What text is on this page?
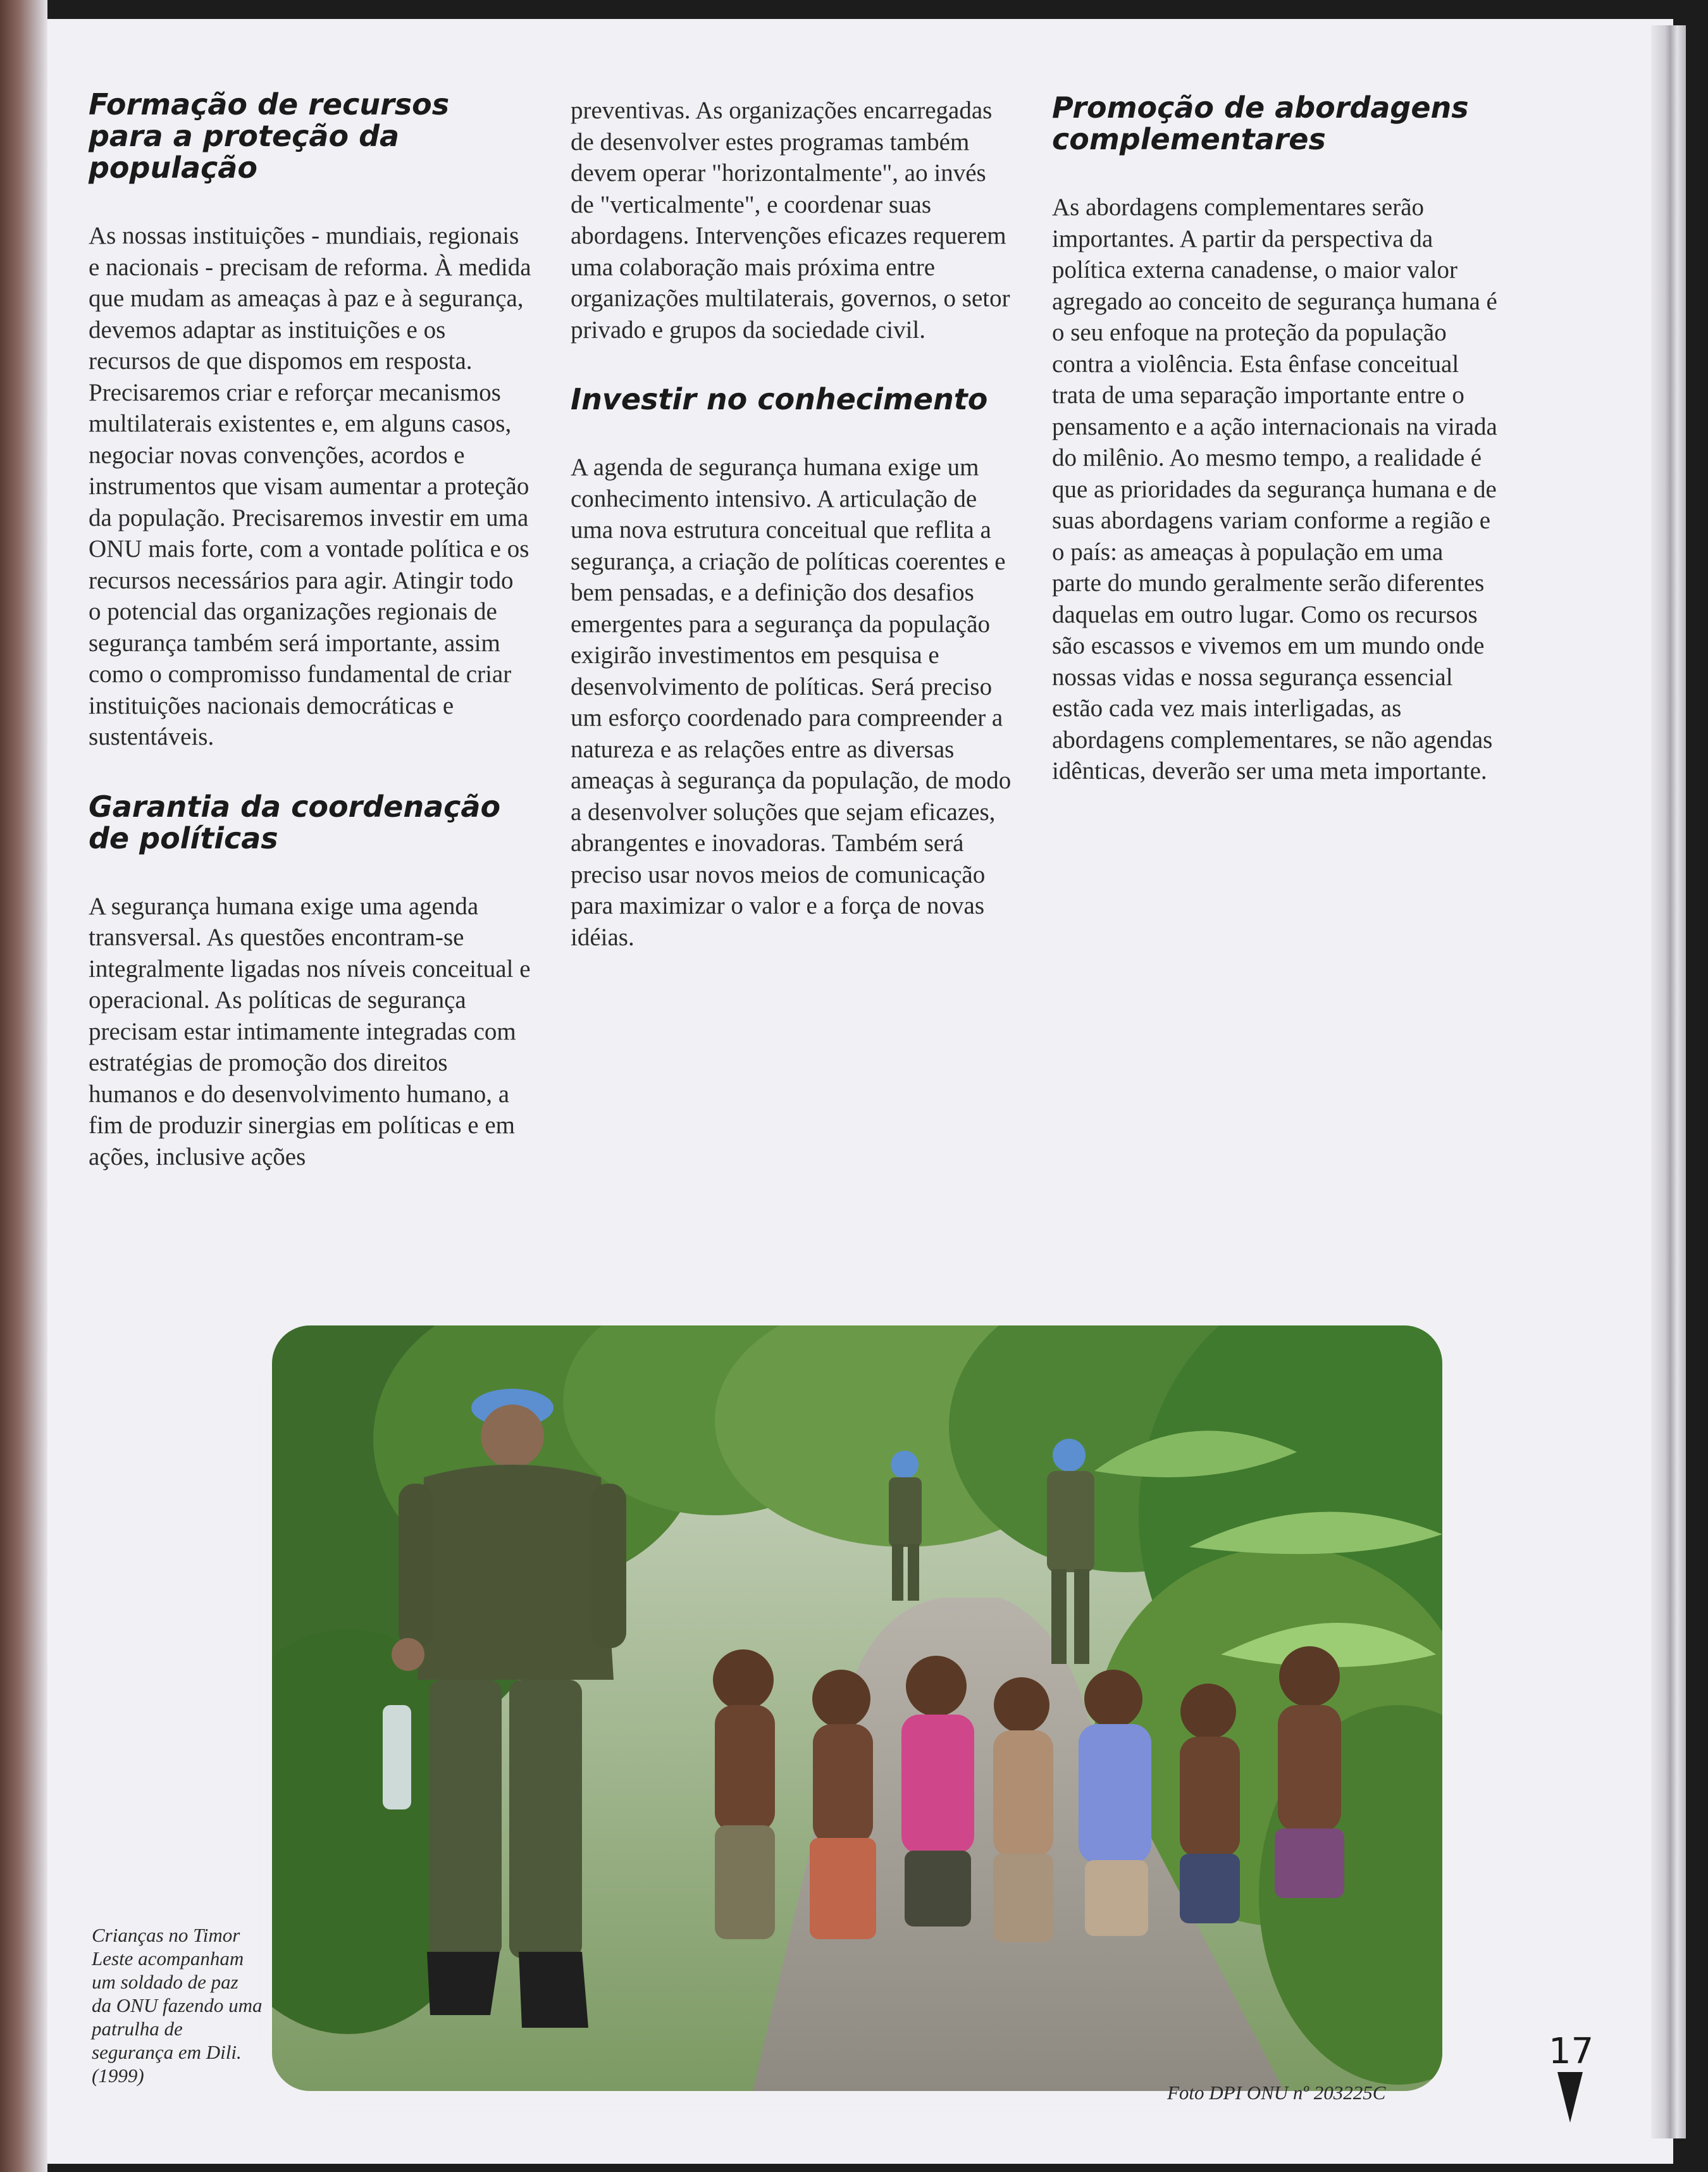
Formação de recursos para a proteção da população

As nossas instituições - mundiais, regionais e nacionais - precisam de reforma. À medida que mudam as ameaças à paz e à segurança, devemos adaptar as instituições e os recursos de que dispomos em resposta. Precisaremos criar e reforçar mecanismos multilaterais existentes e, em alguns casos, negociar novas convenções, acordos e instrumentos que visam aumentar a proteção da população. Precisaremos investir em uma ONU mais forte, com a vontade política e os recursos necessários para agir. Atingir todo o potencial das organizações regionais de segurança também será importante, assim como o compromisso fundamental de criar instituições nacionais democráticas e sustentáveis.

Garantia da coordenação de políticas

A segurança humana exige uma agenda transversal. As questões encontram-se integralmente ligadas nos níveis conceitual e operacional. As políticas de segurança precisam estar intimamente integradas com estratégias de promoção dos direitos humanos e do desenvolvimento humano, a fim de produzir sinergias em políticas e em ações, inclusive ações

preventivas. As organizações encarregadas de desenvolver estes programas também devem operar "horizontalmente", ao invés de "verticalmente", e coordenar suas abordagens. Intervenções eficazes requerem uma colaboração mais próxima entre organizações multilaterais, governos, o setor privado e grupos da sociedade civil.

Investir no conhecimento

A agenda de segurança humana exige um conhecimento intensivo. A articulação de uma nova estrutura conceitual que reflita a segurança, a criação de políticas coerentes e bem pensadas, e a definição dos desafios emergentes para a segurança da população exigirão investimentos em pesquisa e desenvolvimento de políticas. Será preciso um esforço coordenado para compreender a natureza e as relações entre as diversas ameaças à segurança da população, de modo a desenvolver soluções que sejam eficazes, abrangentes e inovadoras. Também será preciso usar novos meios de comunicação para maximizar o valor e a força de novas idéias.

Promoção de abordagens complementares

As abordagens complementares serão importantes. A partir da perspectiva da política externa canadense, o maior valor agregado ao conceito de segurança humana é o seu enfoque na proteção da população contra a violência. Esta ênfase conceitual trata de uma separação importante entre o pensamento e a ação internacionais na virada do milênio. Ao mesmo tempo, a realidade é que as prioridades da segurança humana e de suas abordagens variam conforme a região e o país: as ameaças à população em uma parte do mundo geralmente serão diferentes daquelas em outro lugar. Como os recursos são escassos e vivemos em um mundo onde nossas vidas e nossa segurança essencial estão cada vez mais interligadas, as abordagens complementares, se não agendas idênticas, deverão ser uma meta importante.

Crianças no Timor Leste acompanham um soldado de paz da ONU fazendo uma patrulha de segurança em Dili. (1999)
Foto DPI ONU nº 203225C
17
